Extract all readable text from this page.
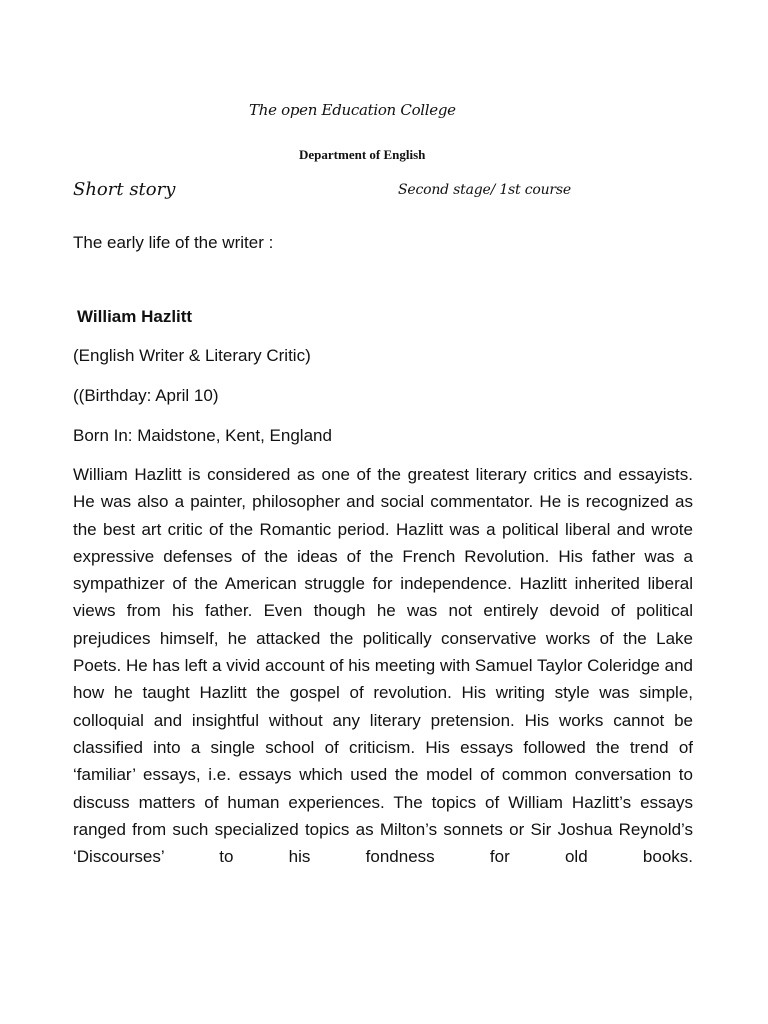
The open Education College
Department of English
Short story	Second stage/ 1st course
The early life of the writer :
William Hazlitt
(English Writer & Literary Critic)
((Birthday: April 10)
Born In: Maidstone, Kent, England

William Hazlitt is considered as one of the greatest literary critics and essayists. He was also a painter, philosopher and social commentator. He is recognized as the best art critic of the Romantic period. Hazlitt was a political liberal and wrote expressive defenses of the ideas of the French Revolution. His father was a sympathizer of the American struggle for independence. Hazlitt inherited liberal views from his father. Even though he was not entirely devoid of political prejudices himself, he attacked the politically conservative works of the Lake Poets. He has left a vivid account of his meeting with Samuel Taylor Coleridge and how he taught Hazlitt the gospel of revolution. His writing style was simple, colloquial and insightful without any literary pretension. His works cannot be classified into a single school of criticism. His essays followed the trend of ‘familiar’ essays, i.e. essays which used the model of common conversation to discuss matters of human experiences. The topics of William Hazlitt’s essays ranged from such specialized topics as Milton’s sonnets or Sir Joshua Reynold’s ‘Discourses’ to his fondness for old books.
